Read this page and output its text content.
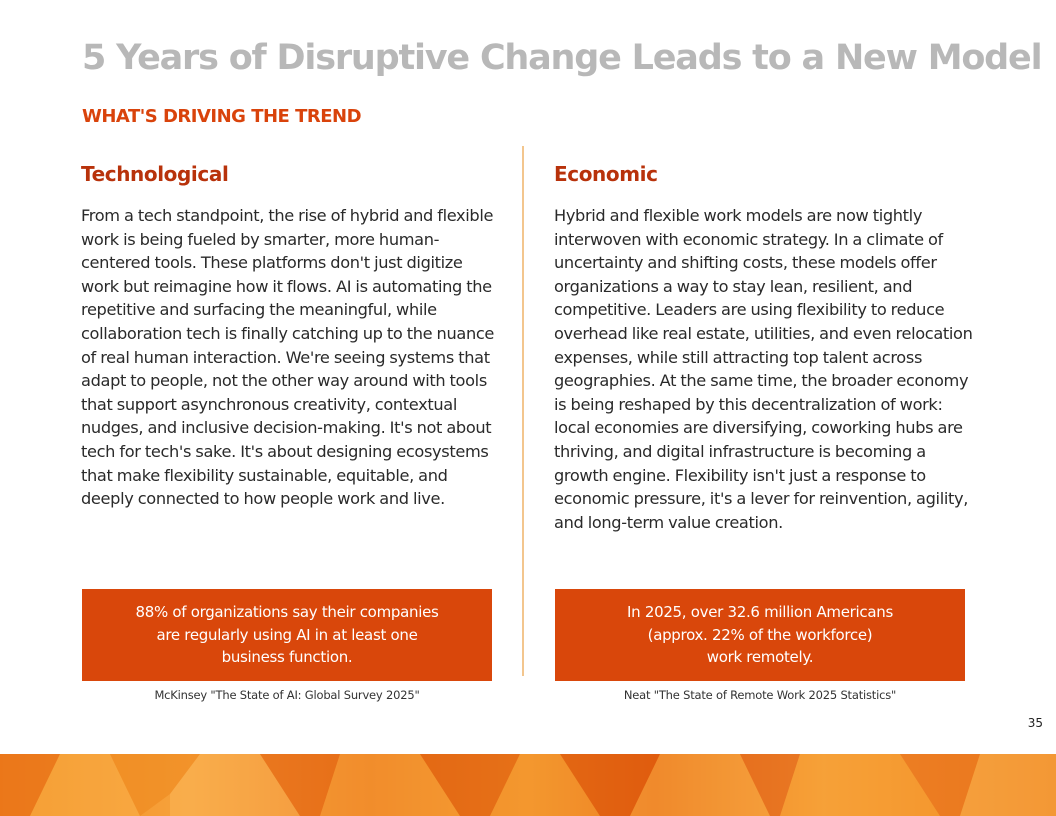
5 Years of Disruptive Change Leads to a New Model
WHAT'S DRIVING THE TREND
Technological

From a tech standpoint, the rise of hybrid and flexible work is being fueled by smarter, more human-centered tools. These platforms don't just digitize work but reimagine how it flows. AI is automating the repetitive and surfacing the meaningful, while collaboration tech is finally catching up to the nuance of real human interaction. We're seeing systems that adapt to people, not the other way around with tools that support asynchronous creativity, contextual nudges, and inclusive decision-making. It's not about tech for tech's sake. It's about designing ecosystems that make flexibility sustainable, equitable, and deeply connected to how people work and live.

Economic

Hybrid and flexible work models are now tightly interwoven with economic strategy. In a climate of uncertainty and shifting costs, these models offer organizations a way to stay lean, resilient, and competitive. Leaders are using flexibility to reduce overhead like real estate, utilities, and even relocation expenses, while still attracting top talent across geographies. At the same time, the broader economy is being reshaped by this decentralization of work: local economies are diversifying, coworking hubs are thriving, and digital infrastructure is becoming a growth engine. Flexibility isn't just a response to economic pressure, it's a lever for reinvention, agility, and long-term value creation.

88% of organizations say their companies
are regularly using AI in at least one
business function.
McKinsey "The State of AI: Global Survey 2025"
In 2025, over 32.6 million Americans
(approx. 22% of the workforce)
work remotely.
Neat "The State of Remote Work 2025 Statistics"
35
